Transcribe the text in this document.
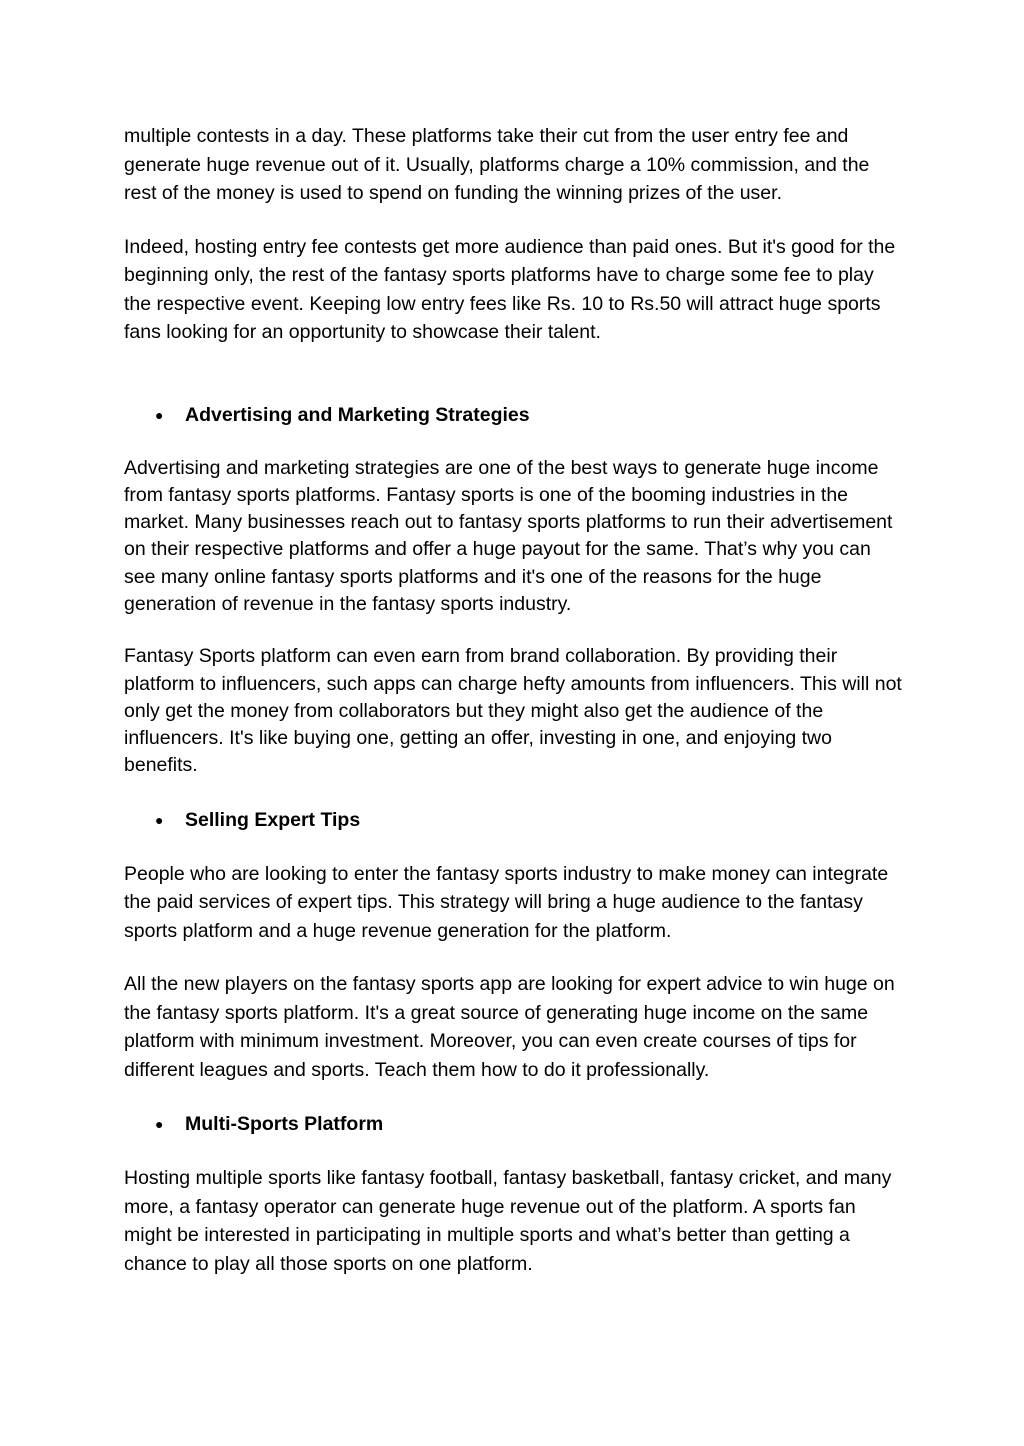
multiple contests in a day. These platforms take their cut from the user entry fee and generate huge revenue out of it. Usually, platforms charge a 10% commission, and the rest of the money is used to spend on funding the winning prizes of the user.

Indeed, hosting entry fee contests get more audience than paid ones. But it's good for the beginning only, the rest of the fantasy sports platforms have to charge some fee to play the respective event. Keeping low entry fees like Rs. 10 to Rs.50 will attract huge sports fans looking for an opportunity to showcase their talent.

●	Advertising and Marketing Strategies

Advertising and marketing strategies are one of the best ways to generate huge income from fantasy sports platforms. Fantasy sports is one of the booming industries in the market. Many businesses reach out to fantasy sports platforms to run their advertisement on their respective platforms and offer a huge payout for the same. That’s why you can see many online fantasy sports platforms and it's one of the reasons for the huge generation of revenue in the fantasy sports industry.

Fantasy Sports platform can even earn from brand collaboration. By providing their platform to influencers, such apps can charge hefty amounts from influencers. This will not only get the money from collaborators but they might also get the audience of the influencers. It's like buying one, getting an offer, investing in one, and enjoying two benefits.

●	Selling Expert Tips

People who are looking to enter the fantasy sports industry to make money can integrate the paid services of expert tips. This strategy will bring a huge audience to the fantasy sports platform and a huge revenue generation for the platform.

All the new players on the fantasy sports app are looking for expert advice to win huge on the fantasy sports platform. It's a great source of generating huge income on the same platform with minimum investment. Moreover, you can even create courses of tips for different leagues and sports. Teach them how to do it professionally.

●	Multi-Sports Platform

Hosting multiple sports like fantasy football, fantasy basketball, fantasy cricket, and many more, a fantasy operator can generate huge revenue out of the platform. A sports fan might be interested in participating in multiple sports and what’s better than getting a chance to play all those sports on one platform.
